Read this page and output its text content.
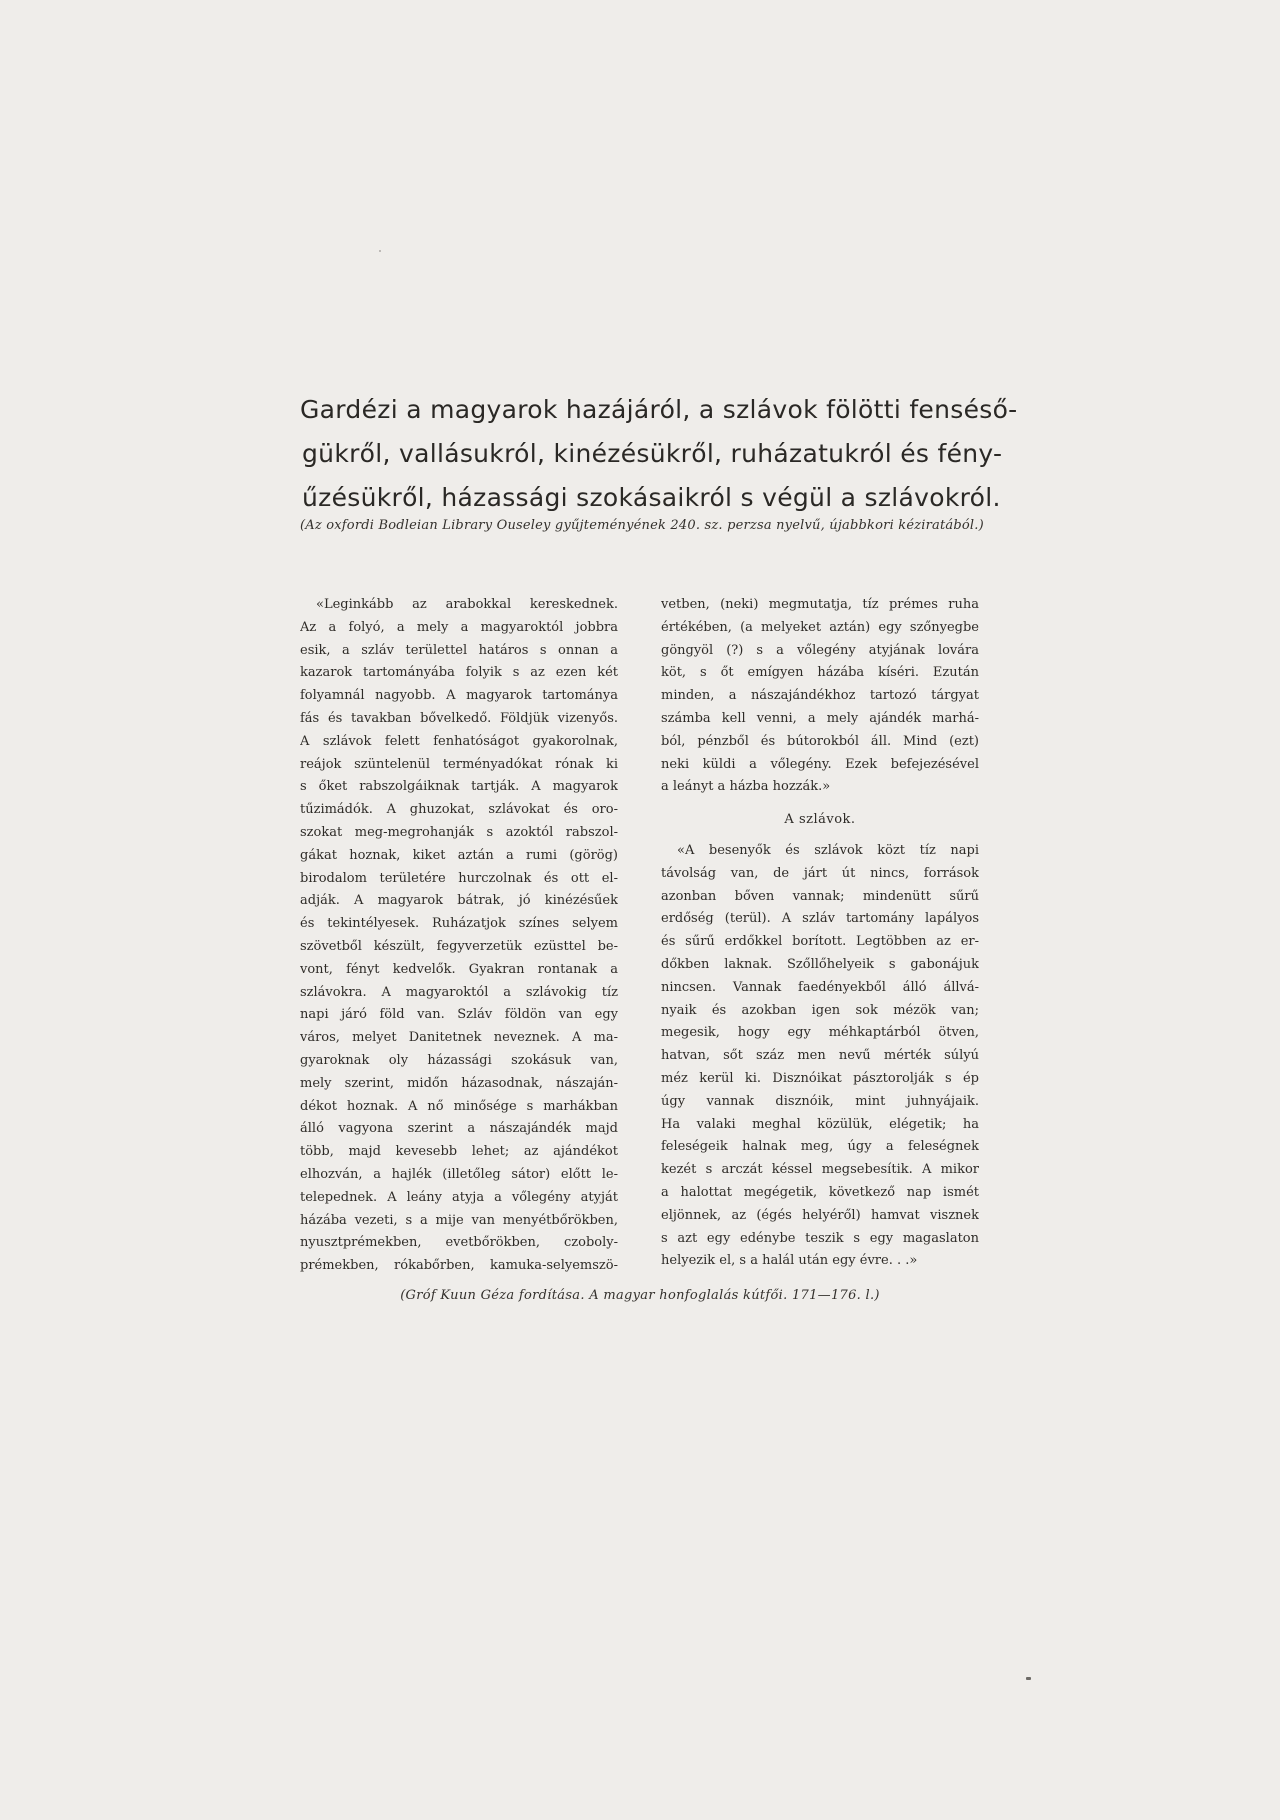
Gardézi a magyarok hazájáról, a szlávok fölötti fenséső-
gükről, vallásukról, kinézésükről, ruházatukról és fény-
űzésükről, házassági szokásaikról s végül a szlávokról.
(Az oxfordi Bodleian Library Ouseley gyűjteményének 240. sz. perzsa nyelvű, újabbkori kéziratából.)
«Leginkább az arabokkal kereskednek.
Az a folyó, a mely a magyaroktól jobbra
esik, a szláv területtel határos s onnan a
kazarok tartományába folyik s az ezen két
folyamnál nagyobb. A magyarok tartománya
fás és tavakban bővelkedő. Földjük vizenyős.
A szlávok felett fenhatóságot gyakorolnak,
reájok szüntelenül terményadókat rónak ki
s őket rabszolgáiknak tartják. A magyarok
tűzimádók. A ghuzokat, szlávokat és oro-
szokat meg-megrohanják s azoktól rabszol-
gákat hoznak, kiket aztán a rumi (görög)
birodalom területére hurczolnak és ott el-
adják. A magyarok bátrak, jó kinézésűek
és tekintélyesek. Ruházatjok színes selyem
szövetből készült, fegyverzetük ezüsttel be-
vont, fényt kedvelők. Gyakran rontanak a
szlávokra. A magyaroktól a szlávokig tíz
napi járó föld van. Szláv földön van egy
város, melyet Danitetnek neveznek. A ma-
gyaroknak oly házassági szokásuk van,
mely szerint, midőn házasodnak, nászaján-
dékot hoznak. A nő minősége s marhákban
álló vagyona szerint a nászajándék majd
több, majd kevesebb lehet; az ajándékot
elhozván, a hajlék (illetőleg sátor) előtt le-
telepednek. A leány atyja a vőlegény atyját
házába vezeti, s a mije van menyétbőrökben,
nyusztprémekben, evetbőrökben, czoboly-
prémekben, rókabőrben, kamuka-selyemszö-
vetben, (neki) megmutatja, tíz prémes ruha
értékében, (a melyeket aztán) egy szőnyegbe
göngyöl (?) s a vőlegény atyjának lovára
köt, s őt emígyen házába kíséri. Ezután
minden, a nászajándékhoz tartozó tárgyat
számba kell venni, a mely ajándék marhá-
ból, pénzből és bútorokból áll. Mind (ezt)
neki küldi a vőlegény. Ezek befejezésével
a leányt a házba hozzák.»
A szlávok.
«A besenyők és szlávok közt tíz napi
távolság van, de járt út nincs, források
azonban bőven vannak; mindenütt sűrű
erdőség (terül). A szláv tartomány lapályos
és sűrű erdőkkel borított. Legtöbben az er-
dőkben laknak. Szőllőhelyeik s gabonájuk
nincsen. Vannak faedényekből álló állvá-
nyaik és azokban igen sok mézök van;
megesik, hogy egy méhkaptárból ötven,
hatvan, sőt száz men nevű mérték súlyú
méz kerül ki. Disznóikat pásztorolják s ép
úgy vannak disznóik, mint juhnyájaik.
Ha valaki meghal közülük, elégetik; ha
feleségeik halnak meg, úgy a feleségnek
kezét s arczát késsel megsebesítik. A mikor
a halottat megégetik, következő nap ismét
eljönnek, az (égés helyéről) hamvat visznek
s azt egy edénybe teszik s egy magaslaton
helyezik el, s a halál után egy évre. . .»
(Gróf Kuun Géza fordítása. A magyar honfoglalás kútfői. 171—176. l.)
